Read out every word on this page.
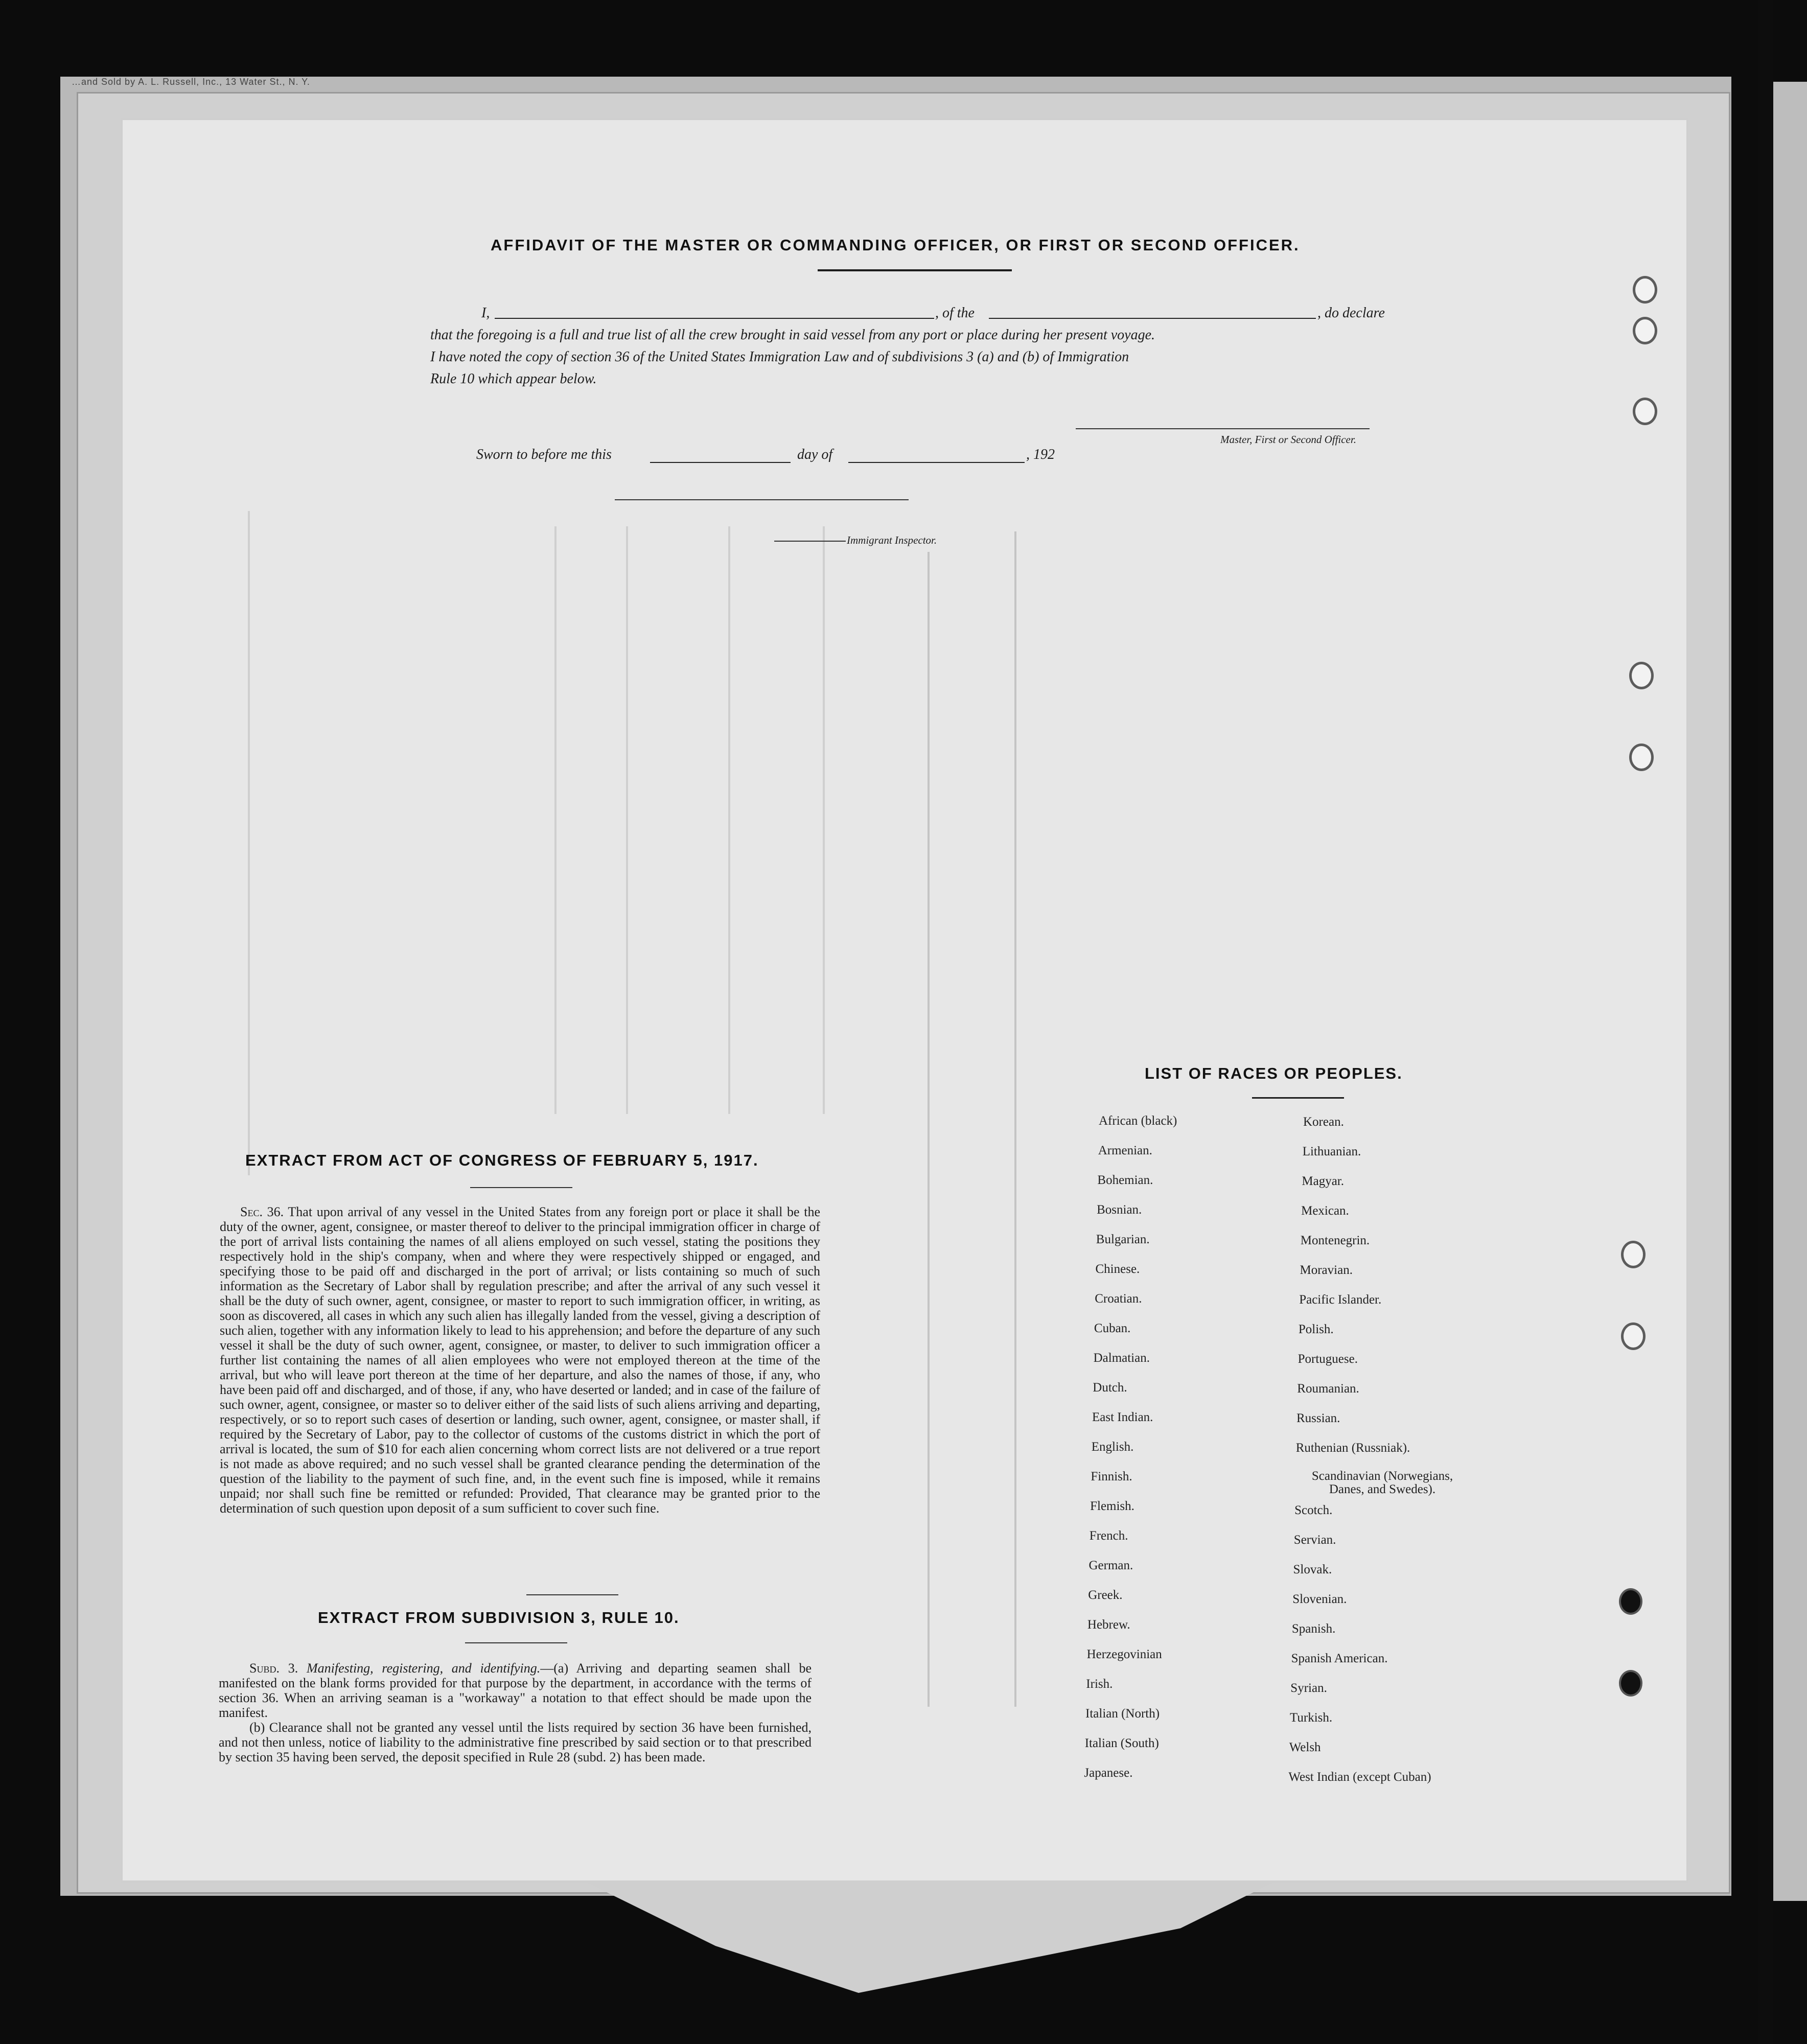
…and Sold by A. L. Russell, Inc., 13 Water St., N. Y.
AFFIDAVIT OF THE MASTER OR COMMANDING OFFICER, OR FIRST OR SECOND OFFICER.
I,	, of the	, do declare
that the foregoing is a full and true list of all the crew brought in said vessel from any port or place during her present voyage.
I have noted the copy of section 36 of the United States Immigration Law and of subdivisions 3 (a) and (b) of Immigration
Rule 10 which appear below.
Master, First or Second Officer.
Sworn to before me this	day of	, 192
Immigrant Inspector.
EXTRACT FROM ACT OF CONGRESS OF FEBRUARY 5, 1917.
Sec. 36. That upon arrival of any vessel in the United States from any foreign port or place it shall be the duty of the owner, agent, consignee, or master thereof to deliver to the principal immigration officer in charge of the port of arrival lists containing the names of all aliens employed on such vessel, stating the positions they respectively hold in the ship's company, when and where they were respectively shipped or engaged, and specifying those to be paid off and discharged in the port of arrival; or lists containing so much of such information as the Secretary of Labor shall by regulation prescribe; and after the arrival of any such vessel it shall be the duty of such owner, agent, consignee, or master to report to such immigration officer, in writing, as soon as discovered, all cases in which any such alien has illegally landed from the vessel, giving a description of such alien, together with any information likely to lead to his apprehension; and before the departure of any such vessel it shall be the duty of such owner, agent, consignee, or master, to deliver to such immigration officer a further list containing the names of all alien employees who were not employed thereon at the time of the arrival, but who will leave port thereon at the time of her departure, and also the names of those, if any, who have been paid off and discharged, and of those, if any, who have deserted or landed; and in case of the failure of such owner, agent, consignee, or master so to deliver either of the said lists of such aliens arriving and departing, respectively, or so to report such cases of desertion or landing, such owner, agent, consignee, or master shall, if required by the Secretary of Labor, pay to the collector of customs of the customs district in which the port of arrival is located, the sum of $10 for each alien concerning whom correct lists are not delivered or a true report is not made as above required; and no such vessel shall be granted clearance pending the determination of the question of the liability to the payment of such fine, and, in the event such fine is imposed, while it remains unpaid; nor shall such fine be remitted or refunded: Provided, That clearance may be granted prior to the determination of such question upon deposit of a sum sufficient to cover such fine.
EXTRACT FROM SUBDIVISION 3, RULE 10.
Subd. 3. Manifesting, registering, and identifying.—(a) Arriving and departing seamen shall be manifested on the blank forms provided for that purpose by the department, in accordance with the terms of section 36. When an arriving seaman is a "workaway" a notation to that effect should be made upon the manifest.
(b) Clearance shall not be granted any vessel until the lists required by section 36 have been furnished, and not then unless, notice of liability to the administrative fine prescribed by said section or to that prescribed by section 35 having been served, the deposit specified in Rule 28 (subd. 2) has been made.
LIST OF RACES OR PEOPLES.
African (black)
Armenian.
Bohemian.
Bosnian.
Bulgarian.
Chinese.
Croatian.
Cuban.
Dalmatian.
Dutch.
East Indian.
English.
Finnish.
Flemish.
French.
German.
Greek.
Hebrew.
Herzegovinian
Irish.
Italian (North)
Italian (South)
Japanese.
Korean.
Lithuanian.
Magyar.
Mexican.
Montenegrin.
Moravian.
Pacific Islander.
Polish.
Portuguese.
Roumanian.
Russian.
Ruthenian (Russniak).
Scandinavian (Norwegians, Danes, and Swedes).
Scotch.
Servian.
Slovak.
Slovenian.
Spanish.
Spanish American.
Syrian.
Turkish.
Welsh
West Indian (except Cuban)
